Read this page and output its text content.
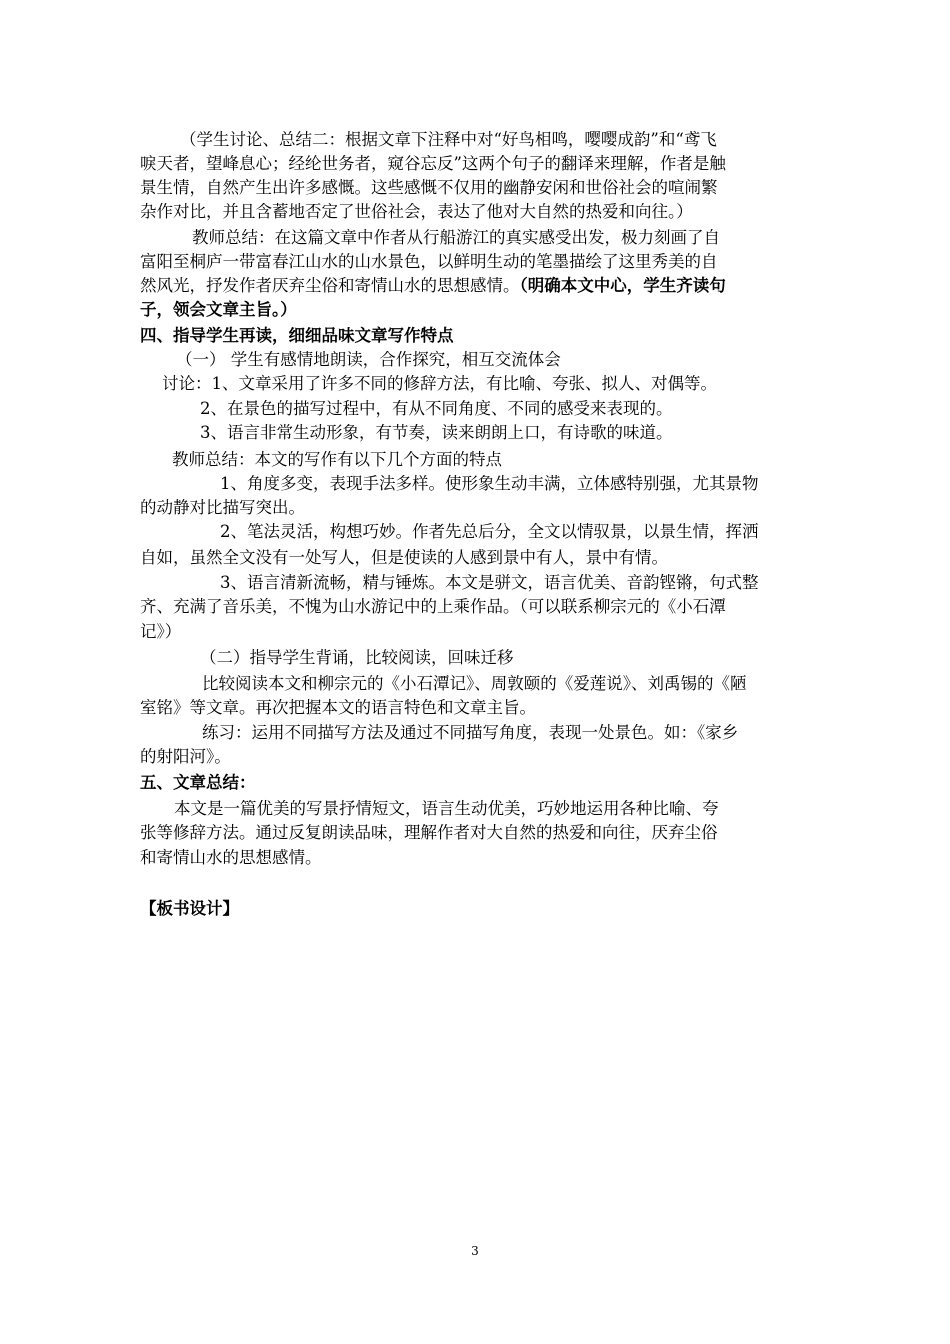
（学生讨论、总结二：根据文章下注释中对“好鸟相鸣，嘤嘤成韵”和“鸢飞
唳天者，望峰息心；经纶世务者，窥谷忘反”这两个句子的翻译来理解，作者是触
景生情，自然产生出许多感慨。这些感慨不仅用的幽静安闲和世俗社会的喧闹繁
杂作对比，并且含蓄地否定了世俗社会，表达了他对大自然的热爱和向往。）
教师总结：在这篇文章中作者从行船游江的真实感受出发，极力刻画了自
富阳至桐庐一带富春江山水的山水景色，以鲜明生动的笔墨描绘了这里秀美的自
然风光，抒发作者厌弃尘俗和寄情山水的思想感情。（明确本文中心，学生齐读句
子，领会文章主旨。）
四、指导学生再读，细细品味文章写作特点
（一） 学生有感情地朗读，合作探究，相互交流体会
讨论：1、文章采用了许多不同的修辞方法，有比喻、夸张、拟人、对偶等。
2、在景色的描写过程中，有从不同角度、不同的感受来表现的。
3、语言非常生动形象，有节奏，读来朗朗上口，有诗歌的味道。
教师总结：本文的写作有以下几个方面的特点
1、角度多变，表现手法多样。使形象生动丰满，立体感特别强，尤其景物
的动静对比描写突出。
2、笔法灵活，构想巧妙。作者先总后分，全文以情驭景，以景生情，挥洒
自如，虽然全文没有一处写人，但是使读的人感到景中有人，景中有情。
3、语言清新流畅，精与锤炼。本文是骈文，语言优美、音韵铿锵，句式整
齐、充满了音乐美，不愧为山水游记中的上乘作品。（可以联系柳宗元的《小石潭
记》）
（二）指导学生背诵，比较阅读，回味迁移
比较阅读本文和柳宗元的《小石潭记》、周敦颐的《爱莲说》、刘禹锡的《陋
室铭》等文章。再次把握本文的语言特色和文章主旨。
练习：运用不同描写方法及通过不同描写角度，表现一处景色。如：《家乡
的射阳河》。
五、文章总结：
本文是一篇优美的写景抒情短文，语言生动优美，巧妙地运用各种比喻、夸
张等修辞方法。通过反复朗读品味，理解作者对大自然的热爱和向往，厌弃尘俗
和寄情山水的思想感情。
【板书设计】
3
